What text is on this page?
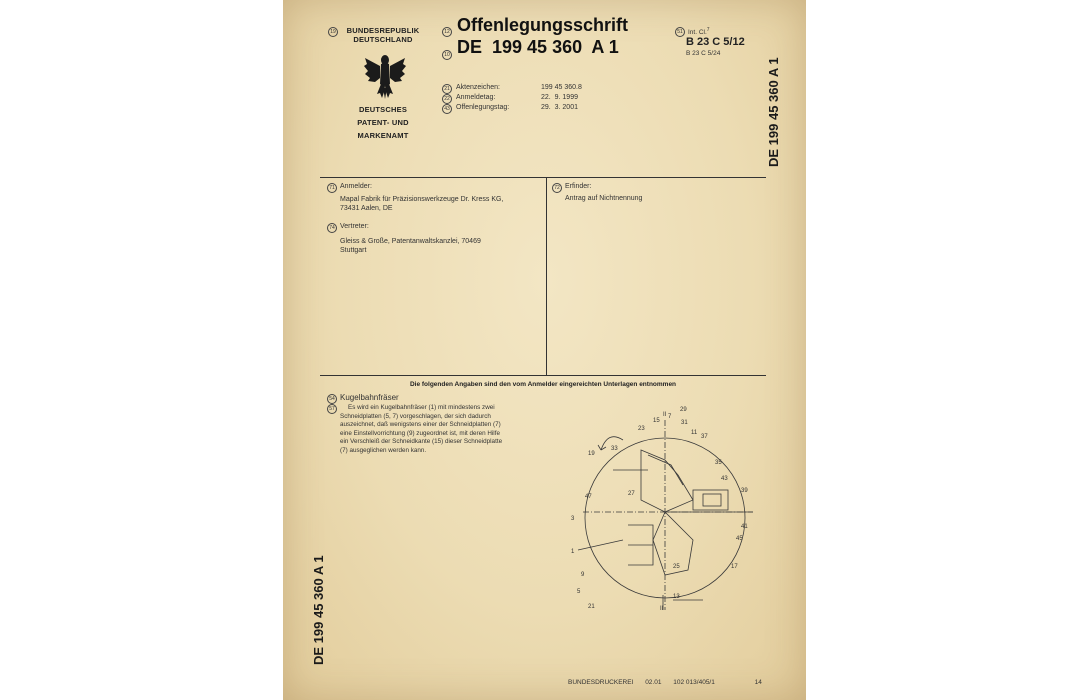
19	BUNDESREPUBLIK
DEUTSCHLAND
DEUTSCHES
PATENT- UND
MARKENAMT
12 Offenlegungsschrift
10 DE  199 45 360  A 1
21
22
43
Aktenzeichen:	199 45 360.8
Anmeldetag:	22.  9. 1999
Offenlegungstag:	29.  3. 2001
51 Int. Cl.$^7$
B 23 C 5/12
B 23 C 5/24
DE 199 45 360 A 1
71 Anmelder:
Mapal Fabrik für Präzisionswerkzeuge Dr. Kress KG,
73431 Aalen, DE
74 Vertreter:
Gleiss & Große, Patentanwaltskanzlei, 70469
Stuttgart
72 Erfinder:
Antrag auf Nichtnennung
Die folgenden Angaben sind den vom Anmelder eingereichten Unterlagen entnommen
54 Kugelbahnfräser
57	Es wird ein Kugelbahnfräser (1) mit mindestens zwei
Schneidplatten (5, 7) vorgeschlagen, der sich dadurch
auszeichnet, daß wenigstens einer der Schneidplatten (7)
eine Einstellvorrichtung (9) zugeordnet ist, mit deren Hilfe
ein Verschleiß der Schneidkante (15) dieser Schneidplatte
(7) ausgeglichen werden kann.
29
7
15
23
31
11
37
33
19
35
43
39
27
47
3
41
45
1
25	17
9
5
13
21	II
II
DE 199 45 360 A 1
BUNDESDRUCKEREI 02.01 102 013/405/1	14
